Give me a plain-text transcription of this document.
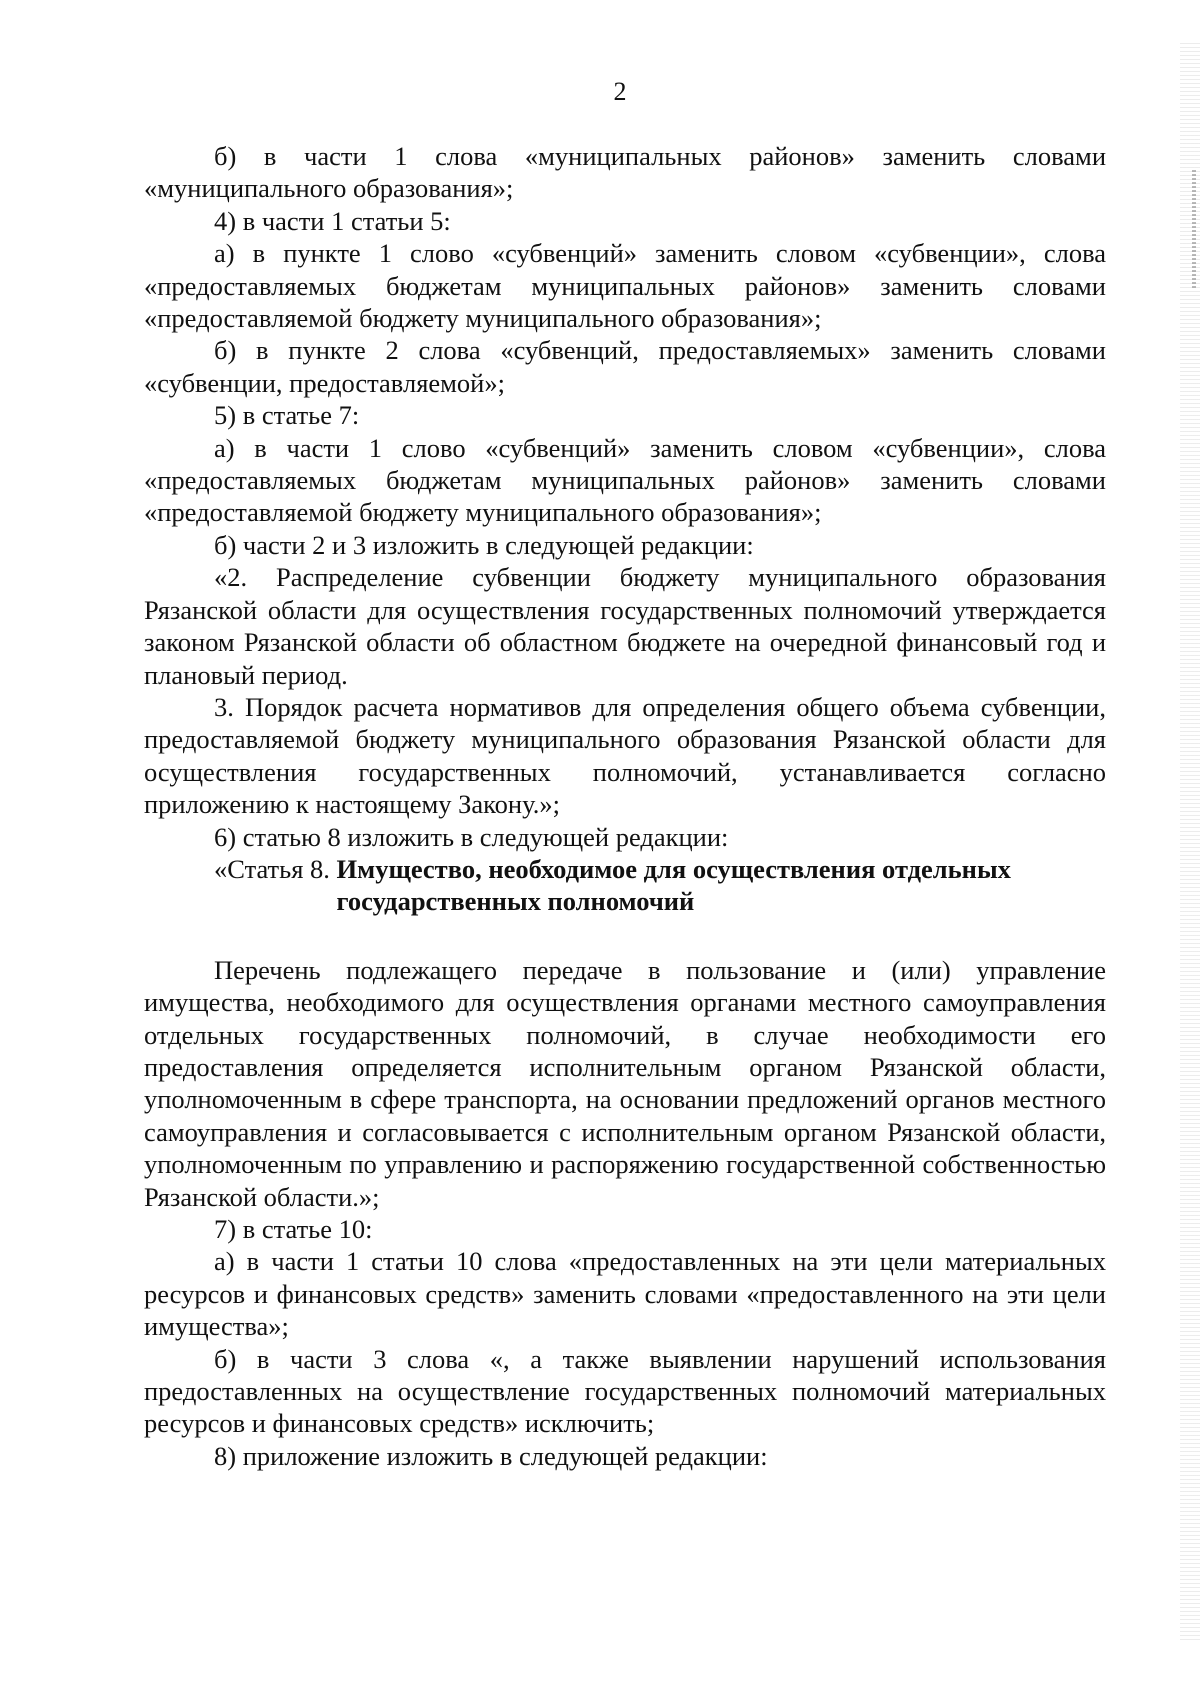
2

б) в части 1 слова «муниципальных районов» заменить словами «муниципального образования»;

4) в части 1 статьи 5:

а) в пункте 1 слово «субвенций» заменить словом «субвенции», слова «предоставляемых бюджетам муниципальных районов» заменить словами «предоставляемой бюджету муниципального образования»;

б) в пункте 2 слова «субвенций, предоставляемых» заменить словами «субвенции, предоставляемой»;

5) в статье 7:

а) в части 1 слово «субвенций» заменить словом «субвенции», слова «предоставляемых бюджетам муниципальных районов» заменить словами «предоставляемой бюджету муниципального образования»;

б) части 2 и 3 изложить в следующей редакции:

«2. Распределение субвенции бюджету муниципального образования Рязанской области для осуществления государственных полномочий утверждается законом Рязанской области об областном бюджете на очередной финансовый год и плановый период.

3. Порядок расчета нормативов для определения общего объема субвенции, предоставляемой бюджету муниципального образования Рязанской области для осуществления государственных полномочий, устанавливается согласно приложению к настоящему Закону.»;

6) статью 8 изложить в следующей редакции:

«Статья 8.
Имущество, необходимое для осуществления отдельных
государственных полномочий

Перечень подлежащего передаче в пользование и (или) управление имущества, необходимого для осуществления органами местного самоуправления отдельных государственных полномочий, в случае необходимости его предоставления определяется исполнительным органом Рязанской области, уполномоченным в сфере транспорта, на основании предложений органов местного самоуправления и согласовывается с исполнительным органом Рязанской области, уполномоченным по управлению и распоряжению государственной собственностью Рязанской области.»;

7) в статье 10:

а) в части 1 статьи 10 слова «предоставленных на эти цели материальных ресурсов и финансовых средств» заменить словами «предоставленного на эти цели имущества»;

б) в части 3 слова «, а также выявлении нарушений использования предоставленных на осуществление государственных полномочий материальных ресурсов и финансовых средств» исключить;

8) приложение изложить в следующей редакции:
